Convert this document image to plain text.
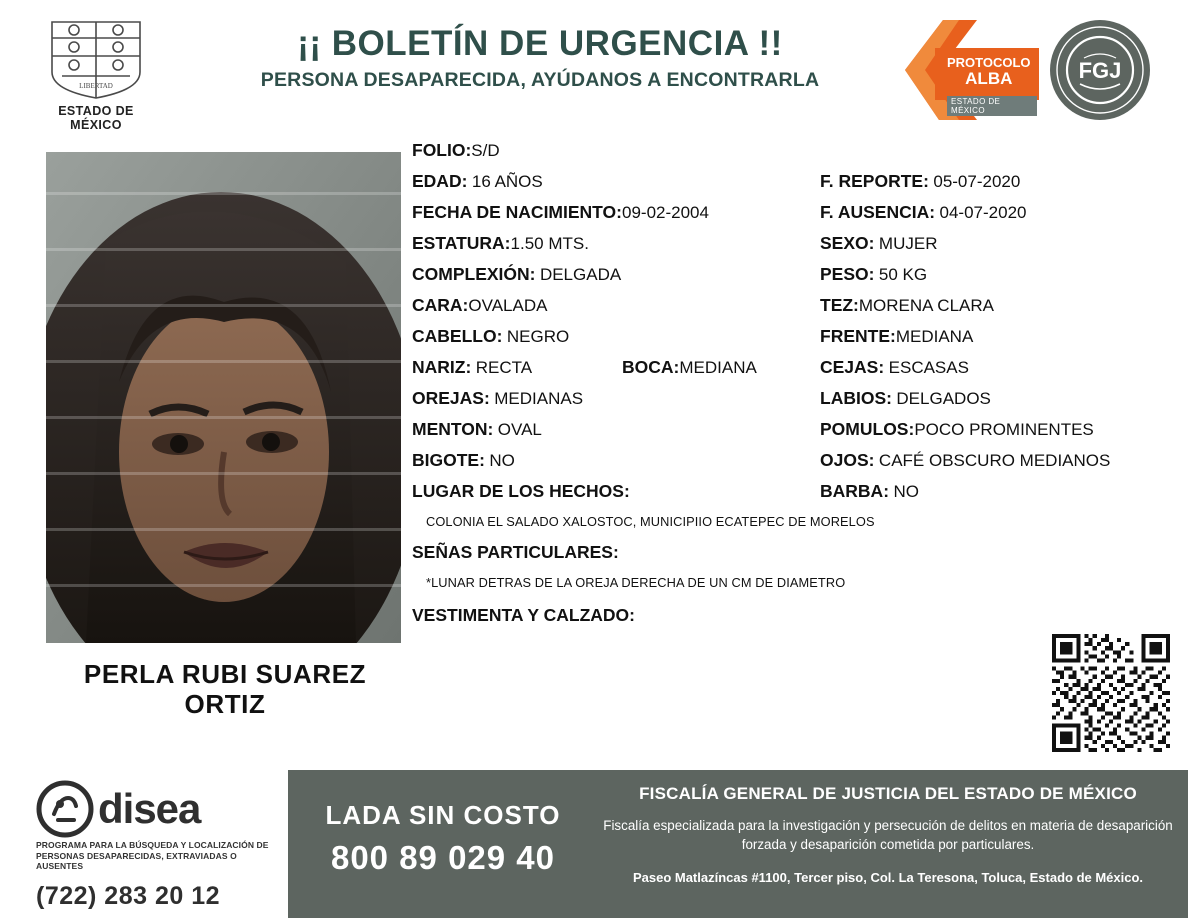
LIBERTAD
ESTADO DE MÉXICO
¡¡ BOLETÍN DE URGENCIA !!
PERSONA DESAPARECIDA, AYÚDANOS A ENCONTRARLA
PROTOCOLO
ALBA
ESTADO DE MÉXICO
FGJ
PERLA RUBI SUAREZ ORTIZ
FOLIO:S/D
EDAD: 16 AÑOS	F. REPORTE: 05-07-2020
FECHA DE NACIMIENTO:09-02-2004	F. AUSENCIA: 04-07-2020
ESTATURA:1.50 MTS.	SEXO: MUJER
COMPLEXIÓN: DELGADA	PESO: 50 KG
CARA:OVALADA	TEZ:MORENA CLARA
CABELLO: NEGRO	FRENTE:MEDIANA
NARIZ: RECTA	BOCA:MEDIANA	CEJAS: ESCASAS
OREJAS: MEDIANAS	LABIOS: DELGADOS
MENTON: OVAL	POMULOS:POCO PROMINENTES
BIGOTE: NO	OJOS: CAFÉ OBSCURO MEDIANOS
LUGAR DE LOS HECHOS:	BARBA: NO
COLONIA EL SALADO XALOSTOC, MUNICIPIIO ECATEPEC DE MORELOS
SEÑAS PARTICULARES:
*LUNAR DETRAS DE LA OREJA DERECHA DE UN CM DE DIAMETRO
VESTIMENTA Y CALZADO:
disea
PROGRAMA PARA LA BÚSQUEDA Y LOCALIZACIÓN DE PERSONAS DESAPARECIDAS, EXTRAVIADAS O AUSENTES
(722) 283 20 12
LADA SIN COSTO
800 89 029 40
FISCALÍA GENERAL DE JUSTICIA DEL ESTADO DE MÉXICO
Fiscalía especializada para la investigación y persecución de delitos en materia de desaparición forzada y desaparición cometida por particulares.
Paseo Matlazíncas #1100, Tercer piso, Col. La Teresona, Toluca, Estado de México.
